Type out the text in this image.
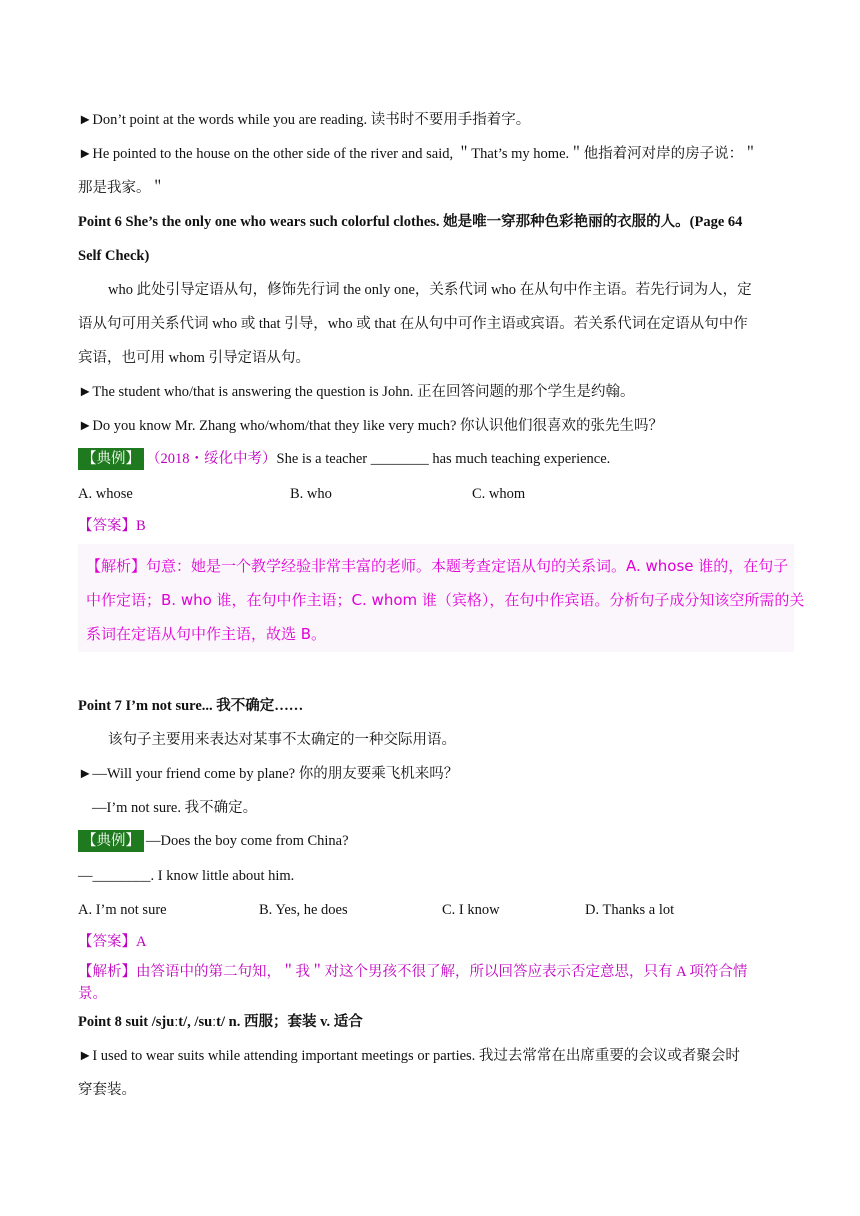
►Don’t point at the words while you are reading. 读书时不要用手指着字。
►He pointed to the house on the other side of the river and said, ＂That’s my home.＂他指着河对岸的房子说：＂
那是我家。＂
Point 6 She’s the only one who wears such colorful clothes. 她是唯一穿那种色彩艳丽的衣服的人。(Page 64
Self Check)
who 此处引导定语从句，修饰先行词 the only one，关系代词 who 在从句中作主语。若先行词为人，定
语从句可用关系代词 who 或 that 引导，who 或 that 在从句中可作主语或宾语。若关系代词在定语从句中作
宾语，也可用 whom 引导定语从句。
►The student who/that is answering the question is John. 正在回答问题的那个学生是约翰。
►Do you know Mr. Zhang who/whom/that they like very much? 你认识他们很喜欢的张先生吗？
【典例】 （2018・绥化中考）She is a teacher ________ has much teaching experience.
A. whose	B. who	C. whom
【答案】B
【解析】句意：她是一个教学经验非常丰富的老师。本题考查定语从句的关系词。A. whose 谁的，在句子
中作定语；B. who 谁，在句中作主语；C. whom 谁（宾格），在句中作宾语。分析句子成分知该空所需的关
系词在定语从句中作主语，故选 B。
Point 7 I’m not sure... 我不确定……
该句子主要用来表达对某事不太确定的一种交际用语。
►—Will your friend come by plane? 你的朋友要乘飞机来吗？
—I’m not sure. 我不确定。
【典例】 —Does the boy come from China?
—________. I know little about him.
A. I’m not sure	B. Yes, he does	C. I know	D. Thanks a lot
【答案】A
【解析】由答语中的第二句知，＂我＂对这个男孩不很了解，所以回答应表示否定意思，只有 A 项符合情
景。
Point 8 suit /sjuːt/, /suːt/ n. 西服；套装 v. 适合
►I used to wear suits while attending important meetings or parties. 我过去常常在出席重要的会议或者聚会时
穿套装。
